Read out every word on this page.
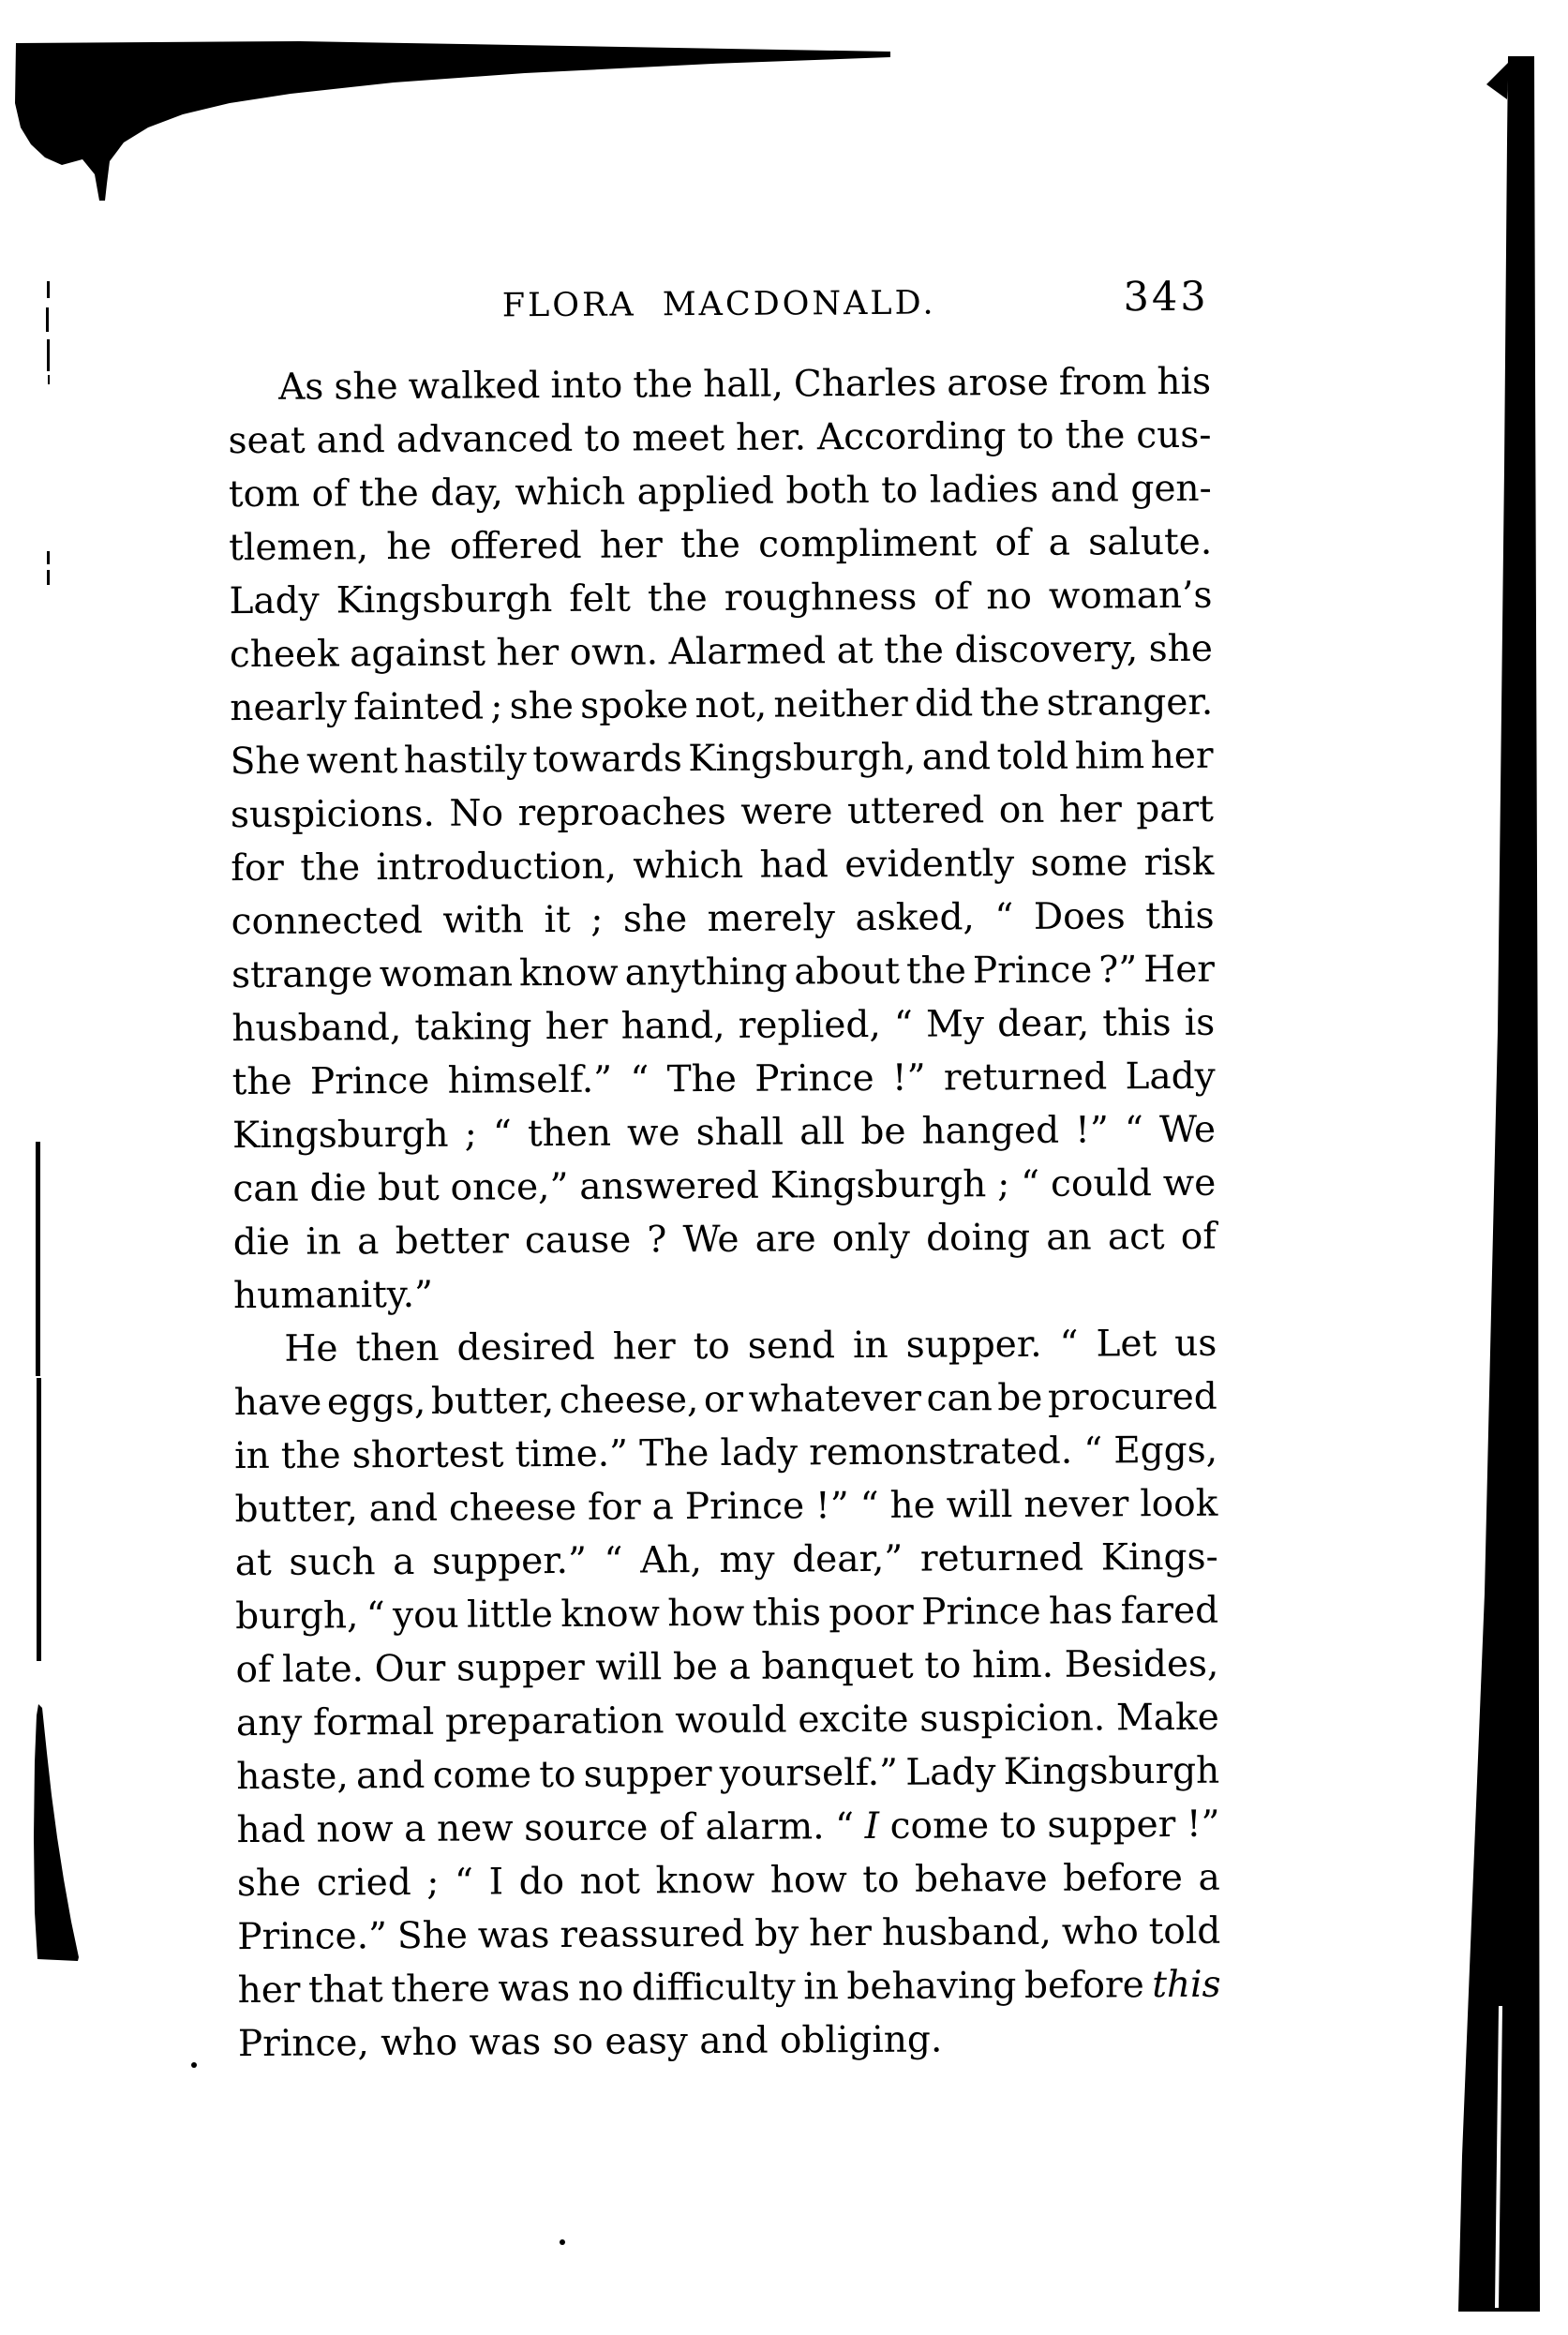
FLORA MACDONALD.	343
As she walked into the hall, Charles arose from his
seat and advanced to meet her. According to the cus-
tom of the day, which applied both to ladies and gen-
tlemen, he offered her the compliment of a salute.
Lady Kingsburgh felt the roughness of no woman’s
cheek against her own. Alarmed at the discovery, she
nearly fainted ; she spoke not, neither did the stranger.
She went hastily towards Kingsburgh, and told him her
suspicions. No reproaches were uttered on her part
for the introduction, which had evidently some risk
connected with it ; she merely asked, “ Does this
strange woman know anything about the Prince ?” Her
husband, taking her hand, replied, “ My dear, this is
the Prince himself.” “ The Prince !” returned Lady
Kingsburgh ; “ then we shall all be hanged !” “ We
can die but once,” answered Kingsburgh ; “ could we
die in a better cause ? We are only doing an act of
humanity.”
He then desired her to send in supper. “ Let us
have eggs, butter, cheese, or whatever can be procured
in the shortest time.” The lady remonstrated. “ Eggs,
butter, and cheese for a Prince !” “ he will never look
at such a supper.” “ Ah, my dear,” returned Kings-
burgh, “ you little know how this poor Prince has fared
of late. Our supper will be a banquet to him. Besides,
any formal preparation would excite suspicion. Make
haste, and come to supper yourself.” Lady Kingsburgh
had now a new source of alarm. “ I come to supper !”
she cried ; “ I do not know how to behave before a
Prince.” She was reassured by her husband, who told
her that there was no difficulty in behaving before this
Prince, who was so easy and obliging.
